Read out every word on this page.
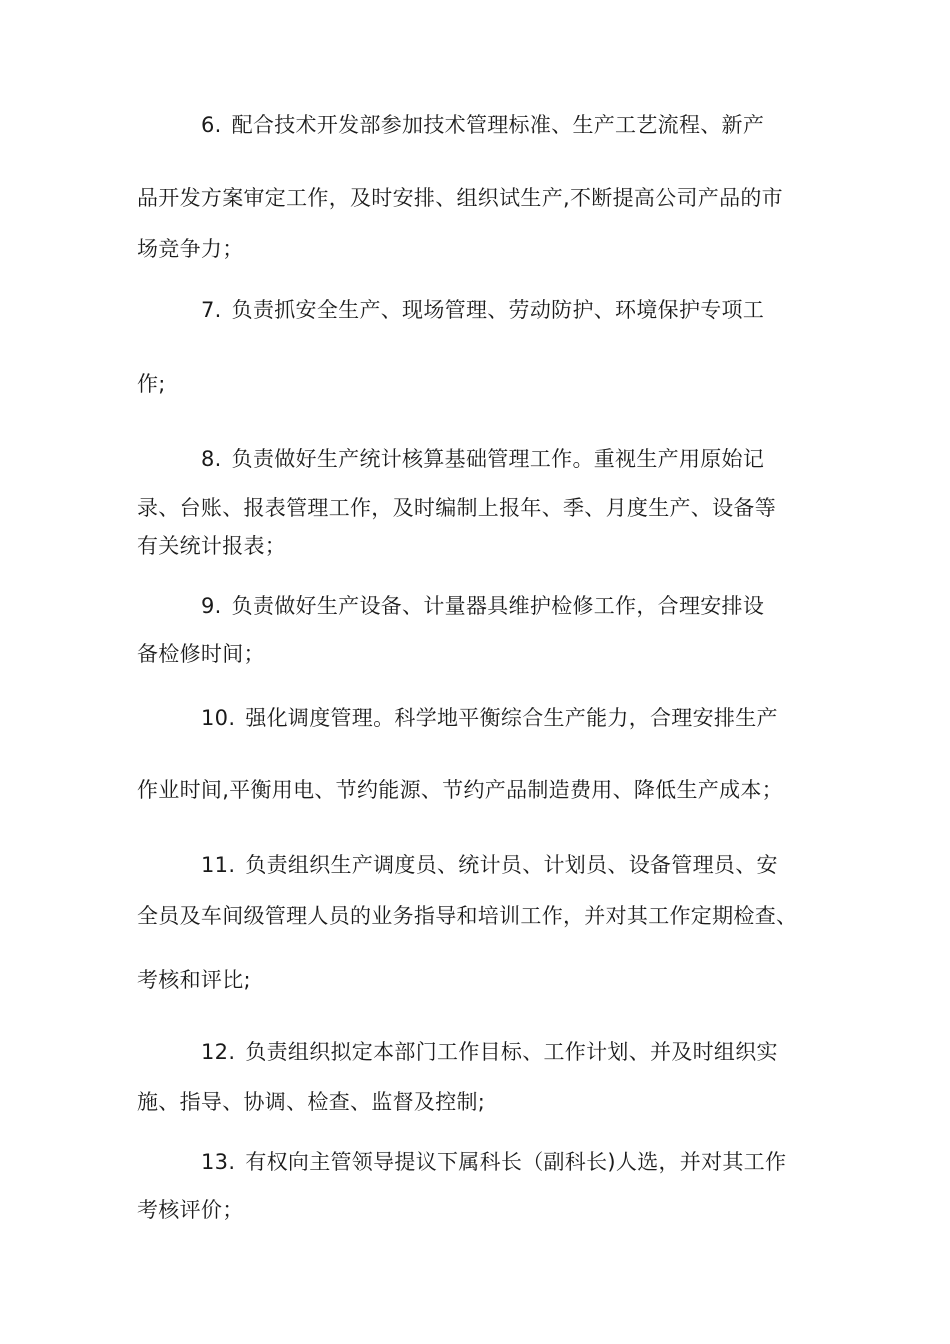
6. 配合技术开发部参加技术管理标准、生产工艺流程、新产
品开发方案审定工作，及时安排、组织试生产,不断提高公司产品的市
场竞争力；
7. 负责抓安全生产、现场管理、劳动防护、环境保护专项工
作;
8. 负责做好生产统计核算基础管理工作。重视生产用原始记
录、台账、报表管理工作，及时编制上报年、季、月度生产、设备等
有关统计报表；
9. 负责做好生产设备、计量器具维护检修工作，合理安排设
备检修时间；
10. 强化调度管理。科学地平衡综合生产能力，合理安排生产
作业时间,平衡用电、节约能源、节约产品制造费用、降低生产成本；
11. 负责组织生产调度员、统计员、计划员、设备管理员、安
全员及车间级管理人员的业务指导和培训工作，并对其工作定期检查、
考核和评比;
12. 负责组织拟定本部门工作目标、工作计划、并及时组织实
施、指导、协调、检查、监督及控制;
13. 有权向主管领导提议下属科长（副科长)人选，并对其工作
考核评价；
